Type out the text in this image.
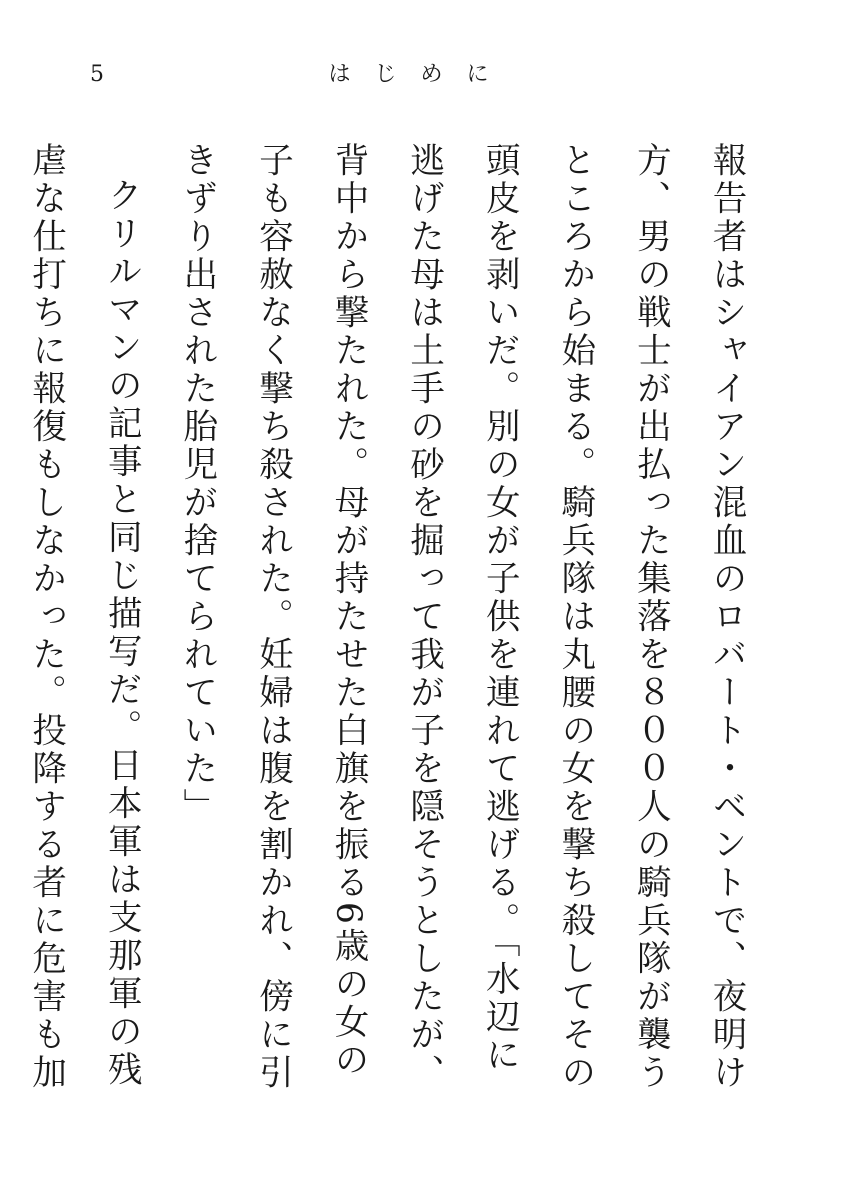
5	はじめに

報告者はシャイアン混血のロバート・ベントで、夜明け方、男の戦士が出払った集落を８００人の騎兵隊が襲うところから始まる。騎兵隊は丸腰の女を撃ち殺してその頭皮を剥いだ。別の女が子供を連れて逃げる。「水辺に逃げた母は土手の砂を掘って我が子を隠そうとしたが、背中から撃たれた。母が持たせた白旗を振る6歳の女の子も容赦なく撃ち殺された。妊婦は腹を割かれ、傍に引きずり出された胎児が捨てられていた」

クリルマンの記事と同じ描写だ。日本軍は支那軍の残虐な仕打ちに報復もしなかった。投降する者に危害も加
